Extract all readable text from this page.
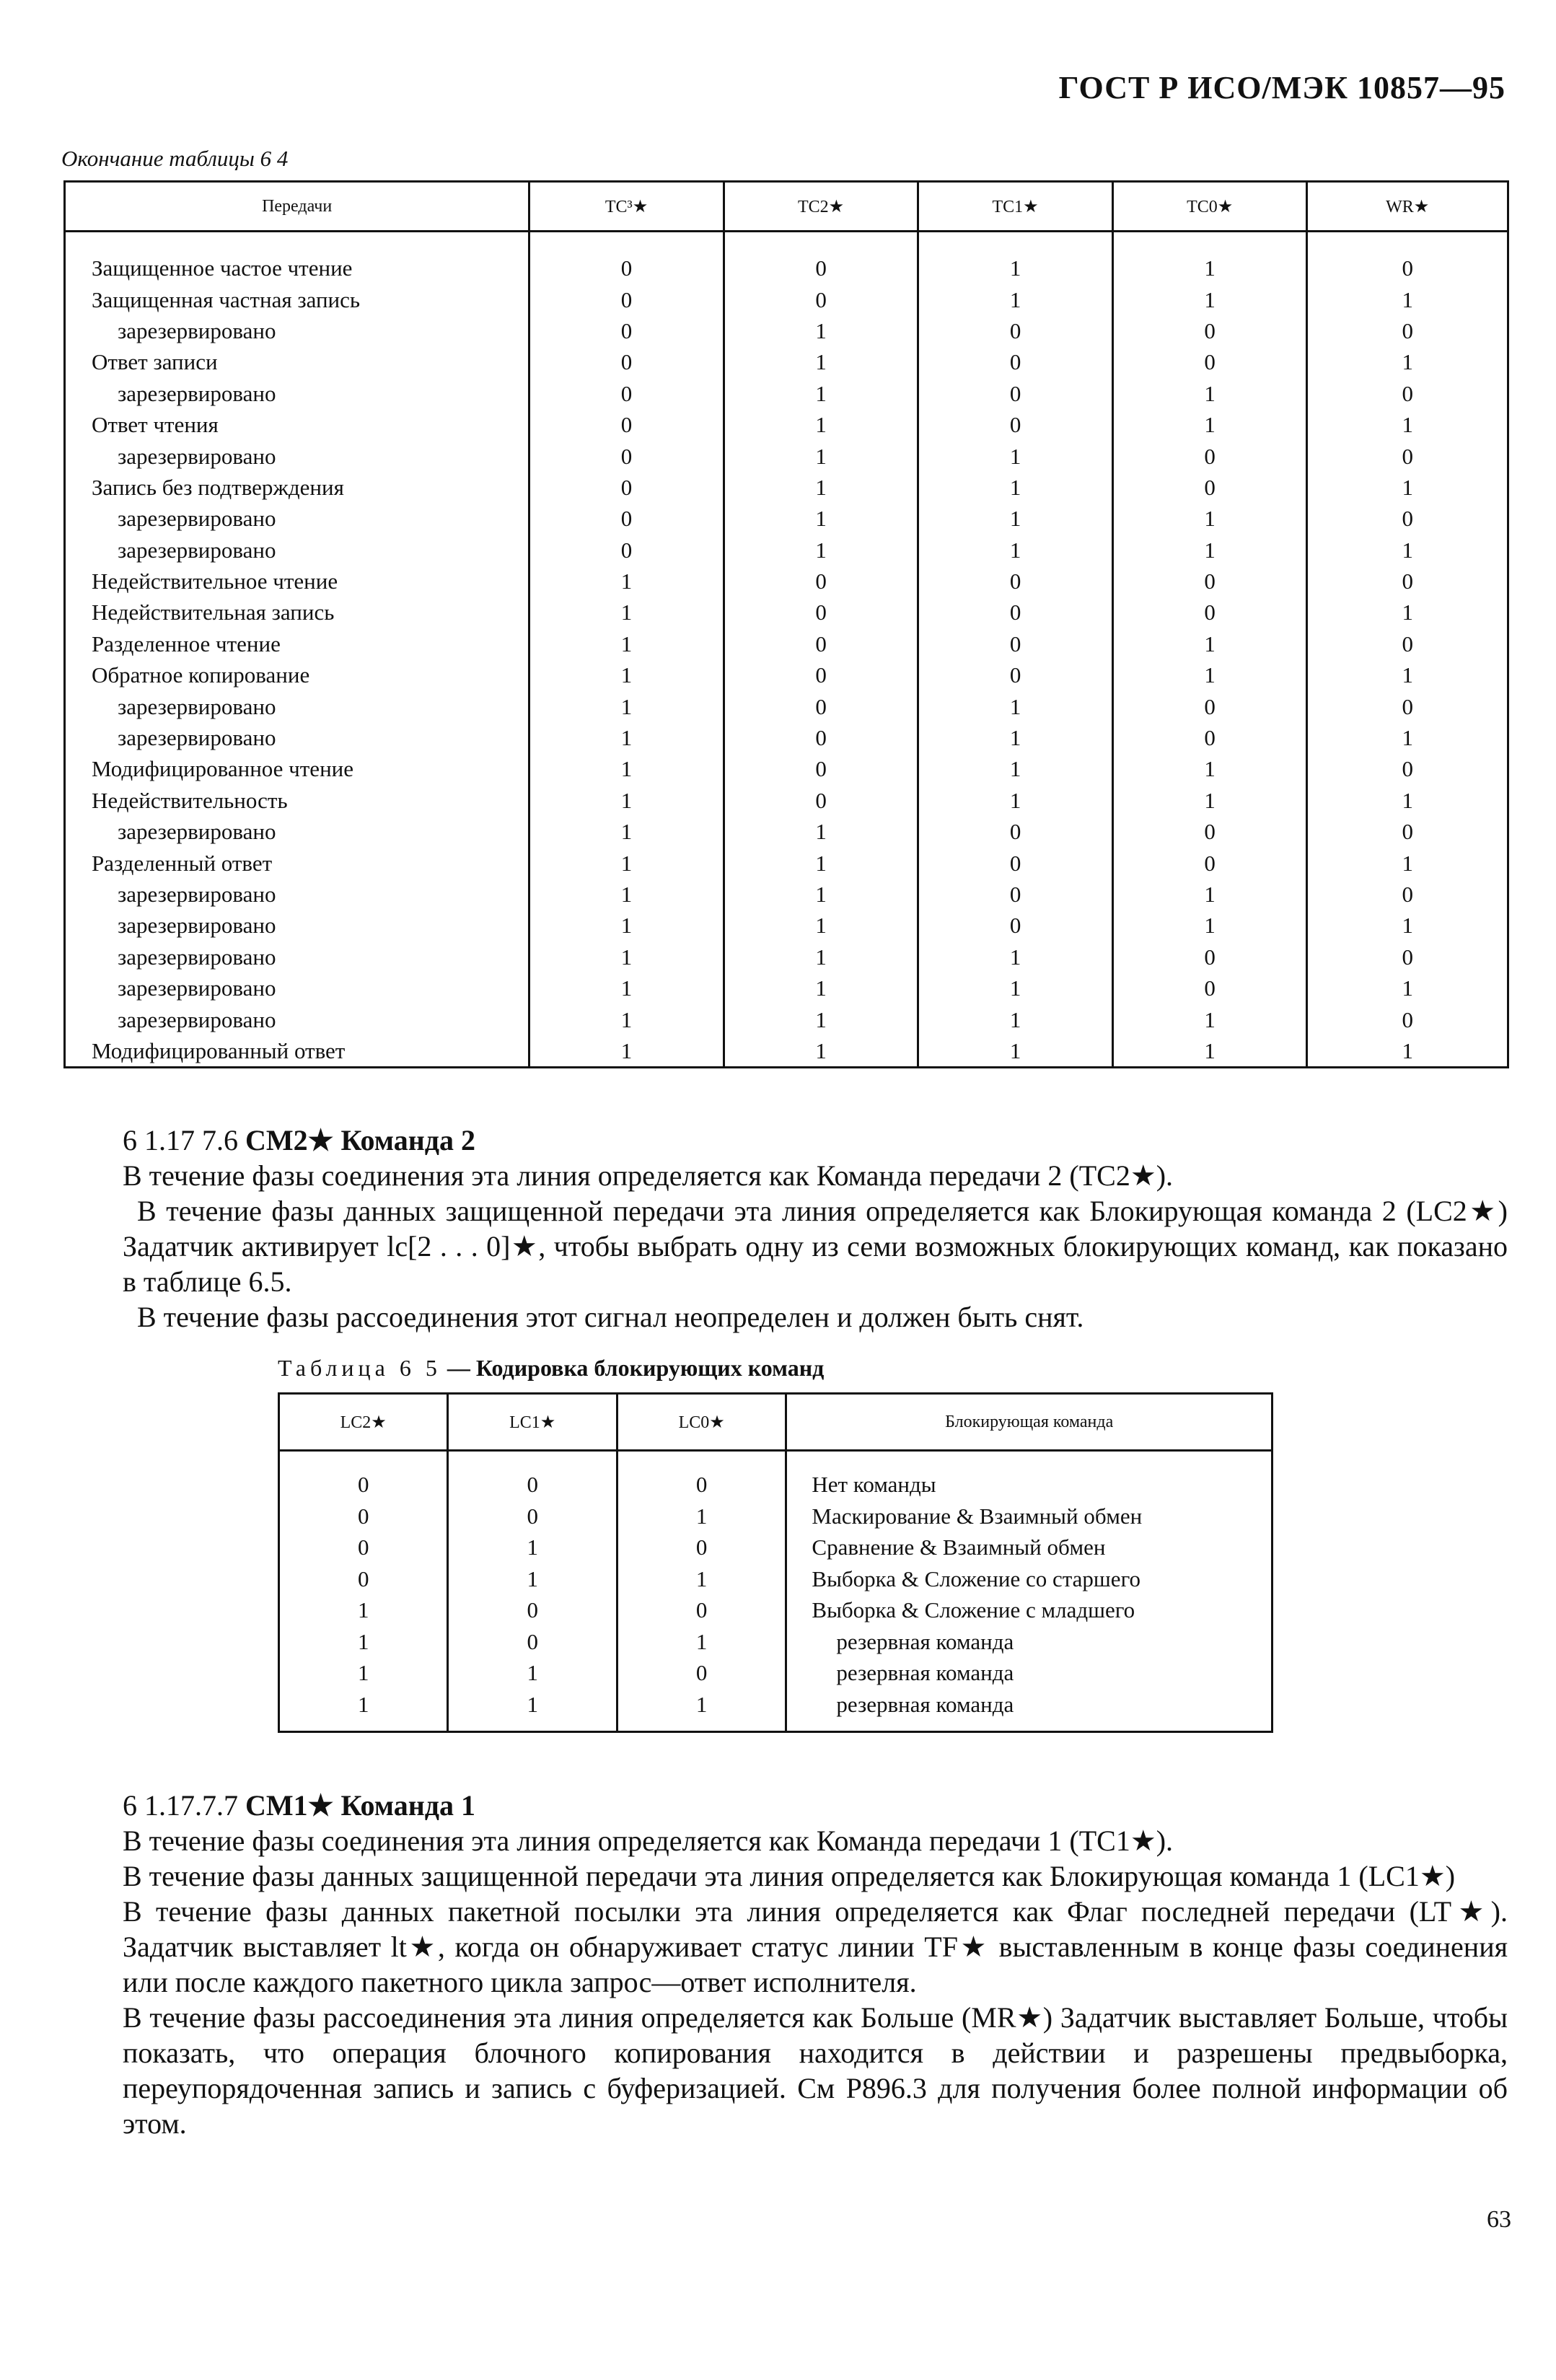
ГОСТ Р ИСО/МЭК 10857—95
Окончание таблицы 6 4
Передачи	TC³★	TC2★	TC1★	TC0★	WR★

Защищенное частое чтение	0	0	1	1	0
Защищенная частная запись	0	0	1	1	1
зарезервировано	0	1	0	0	0
Ответ записи	0	1	0	0	1
зарезервировано	0	1	0	1	0
Ответ чтения	0	1	0	1	1
зарезервировано	0	1	1	0	0
Запись без подтверждения	0	1	1	0	1
зарезервировано	0	1	1	1	0
зарезервировано	0	1	1	1	1
Недействительное чтение	1	0	0	0	0
Недействительная запись	1	0	0	0	1
Разделенное чтение	1	0	0	1	0
Обратное копирование	1	0	0	1	1
зарезервировано	1	0	1	0	0
зарезервировано	1	0	1	0	1
Модифицированное чтение	1	0	1	1	0
Недействительность	1	0	1	1	1
зарезервировано	1	1	0	0	0
Разделенный ответ	1	1	0	0	1
зарезервировано	1	1	0	1	0
зарезервировано	1	1	0	1	1
зарезервировано	1	1	1	0	0
зарезервировано	1	1	1	0	1
зарезервировано	1	1	1	1	0
Модифицированный ответ	1	1	1	1	1
6 1.17 7.6 CM2★ Команда 2

В течение фазы соединения эта линия определяется как Команда передачи 2 (TC2★).

В течение фазы данных защищенной передачи эта линия определяется как Блокирующая команда 2 (LC2★) Задатчик активирует lc[2 . . . 0]★, чтобы выбрать одну из семи возможных блокирующих команд, как показано в таблице 6.5.

В течение фазы рассоединения этот сигнал неопределен и должен быть снят.

Таблица 6 5 — Кодировка блокирующих команд
LC2★	LC1★	LC0★	Блокирующая команда

0	0	0	Нет команды
0	0	1	Маскирование & Взаимный обмен
0	1	0	Сравнение & Взаимный обмен
0	1	1	Выборка & Сложение со старшего
1	0	0	Выборка & Сложение с младшего
1	0	1	резервная команда
1	1	0	резервная команда
1	1	1	резервная команда
6 1.17.7.7 CM1★ Команда 1

В течение фазы соединения эта линия определяется как Команда передачи 1 (TC1★).

В течение фазы данных защищенной передачи эта линия определяется как Блокирующая команда 1 (LC1★)

В течение фазы данных пакетной посылки эта линия определяется как Флаг последней передачи (LT★). Задатчик выставляет lt★, когда он обнаруживает статус линии TF★ выставленным в конце фазы соединения или после каждого пакетного цикла запрос—ответ исполнителя.

В течение фазы рассоединения эта линия определяется как Больше (MR★) Задатчик выставляет Больше, чтобы показать, что операция блочного копирования находится в действии и разрешены предвыборка, переупорядоченная запись и запись с буферизацией. См P896.3 для получения более полной информации об этом.

63
